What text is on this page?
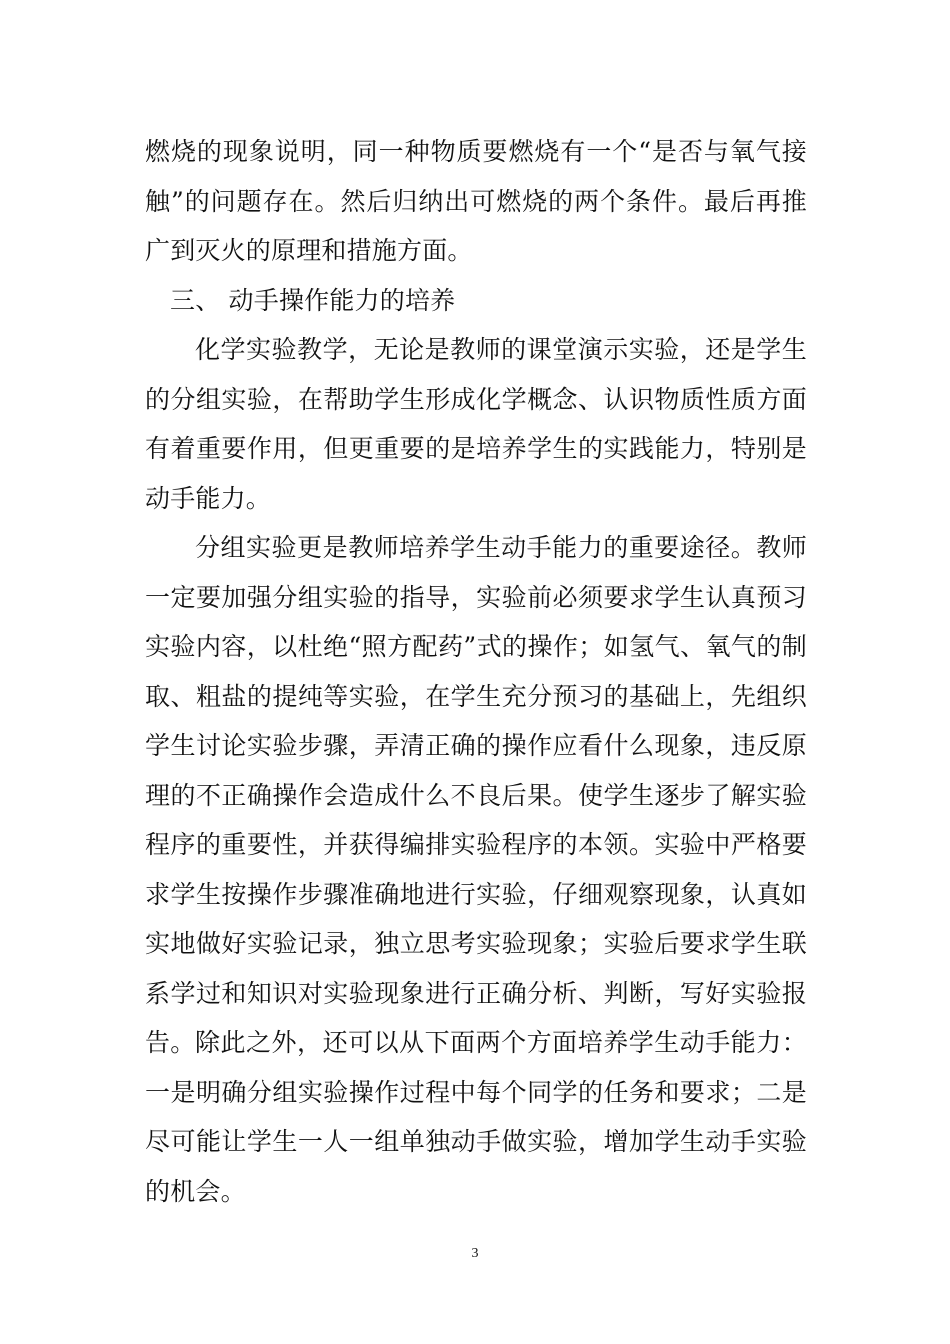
燃烧的现象说明，同一种物质要燃烧有一个“是否与氧气接触”的问题存在。然后归纳出可燃烧的两个条件。最后再推广到灭火的原理和措施方面。

三、 动手操作能力的培养

化学实验教学，无论是教师的课堂演示实验，还是学生的分组实验，在帮助学生形成化学概念、认识物质性质方面有着重要作用，但更重要的是培养学生的实践能力，特别是动手能力。

分组实验更是教师培养学生动手能力的重要途径。教师一定要加强分组实验的指导，实验前必须要求学生认真预习实验内容，以杜绝“照方配药”式的操作；如氢气、氧气的制取、粗盐的提纯等实验，在学生充分预习的基础上，先组织学生讨论实验步骤，弄清正确的操作应看什么现象，违反原理的不正确操作会造成什么不良后果。使学生逐步了解实验程序的重要性，并获得编排实验程序的本领。实验中严格要求学生按操作步骤准确地进行实验，仔细观察现象，认真如实地做好实验记录，独立思考实验现象；实验后要求学生联系学过和知识对实验现象进行正确分析、判断，写好实验报告。 除此之外，还可以从下面两个方面培养学生动手能力：一是明确分组实验操作过程中每个同学的任务和要求；二是尽可能让学生一人一组单独动手做实验，增加学生动手实验的机会。

3
